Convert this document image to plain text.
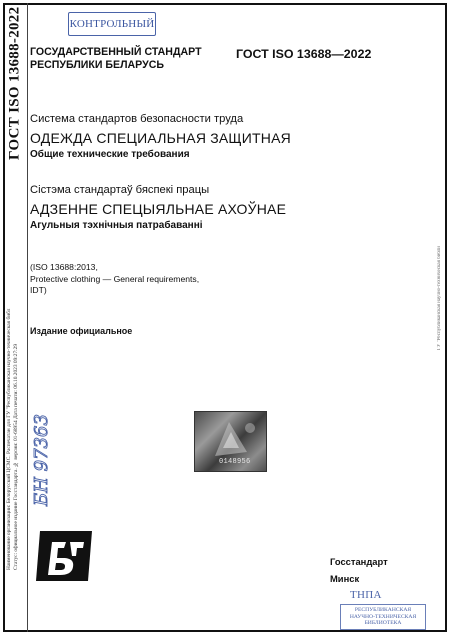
ГОСТ ISO 13688-2022
Наименование организации: Белорусский ЦСМС. Распечатан для ГУ "Республиканская научно-техническая библ Статус: официальное издание Госстандарта. № версии: 01-68954 Дата печати: 06.10.2023 09:27:29
ГУ "Республиканская научно-техническая библи
КОНТРОЛЬНЫЙ
ГОСУДАРСТВЕННЫЙ СТАНДАРТ
РЕСПУБЛИКИ БЕЛАРУСЬ
ГОСТ ISO 13688—2022
Система стандартов безопасности труда
ОДЕЖДА СПЕЦИАЛЬНАЯ ЗАЩИТНАЯ
Общие технические требования
Сістэма стандартаў бяспекі працы
АДЗЕННЕ СПЕЦЫЯЛЬНАЕ АХОЎНАЕ
Агульныя тэхнічныя патрабаванні
(ISO 13688:2013,
Protective clothing — General requirements,
IDT)
Издание официальное
0148956
БН 97363
Госстандарт
Минск
ТНПА
РЕСПУБЛИКАНСКАЯ
НАУЧНО-ТЕХНИЧЕСКАЯ
БИБЛИОТЕКА
